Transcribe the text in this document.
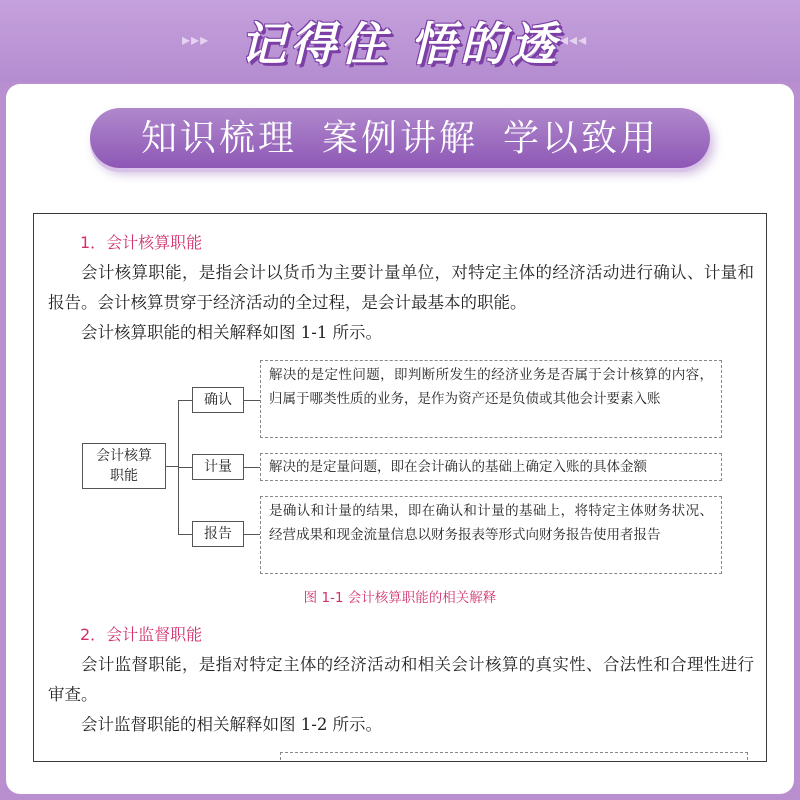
▸▸▸ 记得住 悟的透 ◂◂◂
知识梳理 案例讲解 学以致用
1．会计核算职能
会计核算职能，是指会计以货币为主要计量单位，对特定主体的经济活动进行确认、计量和报告。会计核算贯穿于经济活动的全过程，是会计最基本的职能。
会计核算职能的相关解释如图 1-1 所示。
会计核算
职能
确认
计量
报告
解决的是定性问题，即判断所发生的经济业务是否属于会计核算的内容，归属于哪类性质的业务，是作为资产还是负债或其他会计要素入账
解决的是定量问题，即在会计确认的基础上确定入账的具体金额
是确认和计量的结果，即在确认和计量的基础上，将特定主体财务状况、经营成果和现金流量信息以财务报表等形式向财务报告使用者报告
图 1-1 会计核算职能的相关解释
2．会计监督职能
会计监督职能，是指对特定主体的经济活动和相关会计核算的真实性、合法性和合理性进行审查。
会计监督职能的相关解释如图 1-2 所示。
